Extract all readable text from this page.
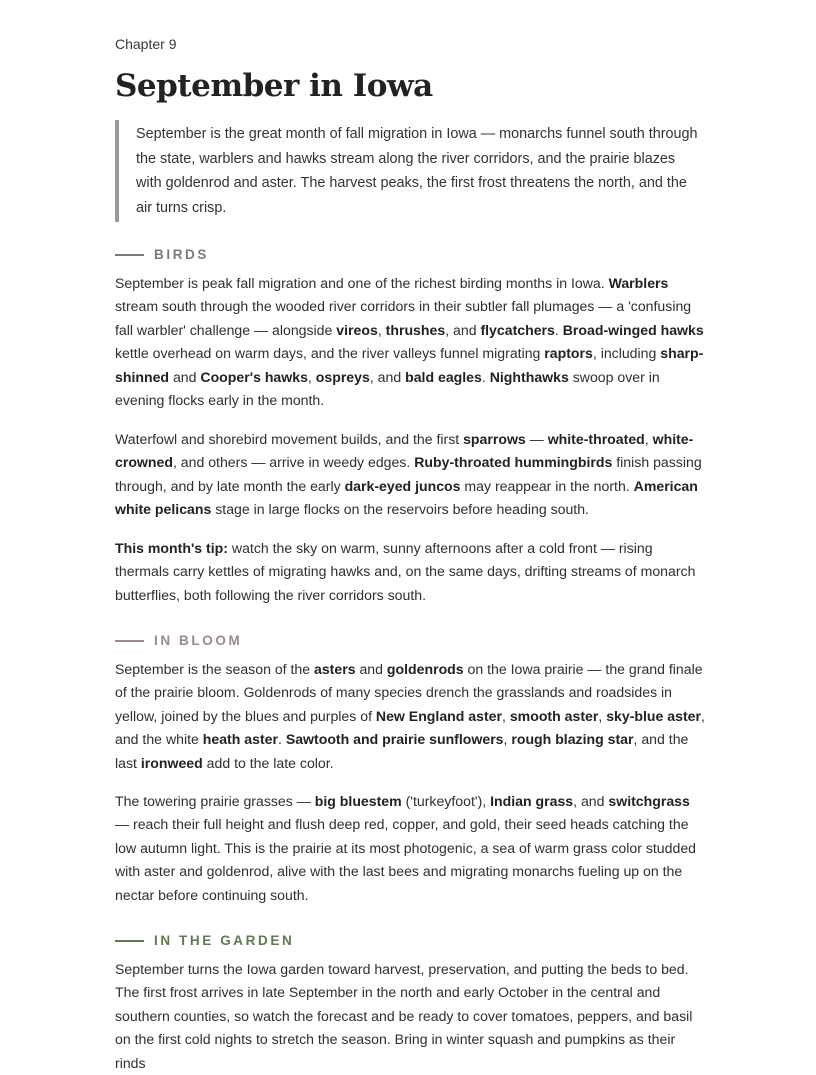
Chapter 9
September in Iowa
September is the great month of fall migration in Iowa — monarchs funnel south through the state, warblers and hawks stream along the river corridors, and the prairie blazes with goldenrod and aster. The harvest peaks, the first frost threatens the north, and the air turns crisp.
BIRDS

September is peak fall migration and one of the richest birding months in Iowa. Warblers stream south through the wooded river corridors in their subtler fall plumages — a 'confusing fall warbler' challenge — alongside vireos, thrushes, and flycatchers. Broad-winged hawks kettle overhead on warm days, and the river valleys funnel migrating raptors, including sharp-shinned and Cooper's hawks, ospreys, and bald eagles. Nighthawks swoop over in evening flocks early in the month.

Waterfowl and shorebird movement builds, and the first sparrows — white-throated, white-crowned, and others — arrive in weedy edges. Ruby-throated hummingbirds finish passing through, and by late month the early dark-eyed juncos may reappear in the north. American white pelicans stage in large flocks on the reservoirs before heading south.

This month's tip: watch the sky on warm, sunny afternoons after a cold front — rising thermals carry kettles of migrating hawks and, on the same days, drifting streams of monarch butterflies, both following the river corridors south.

IN BLOOM

September is the season of the asters and goldenrods on the Iowa prairie — the grand finale of the prairie bloom. Goldenrods of many species drench the grasslands and roadsides in yellow, joined by the blues and purples of New England aster, smooth aster, sky-blue aster, and the white heath aster. Sawtooth and prairie sunflowers, rough blazing star, and the last ironweed add to the late color.

The towering prairie grasses — big bluestem ('turkeyfoot'), Indian grass, and switchgrass — reach their full height and flush deep red, copper, and gold, their seed heads catching the low autumn light. This is the prairie at its most photogenic, a sea of warm grass color studded with aster and goldenrod, alive with the last bees and migrating monarchs fueling up on the nectar before continuing south.

IN THE GARDEN

September turns the Iowa garden toward harvest, preservation, and putting the beds to bed. The first frost arrives in late September in the north and early October in the central and southern counties, so watch the forecast and be ready to cover tomatoes, peppers, and basil on the first cold nights to stretch the season. Bring in winter squash and pumpkins as their rinds
